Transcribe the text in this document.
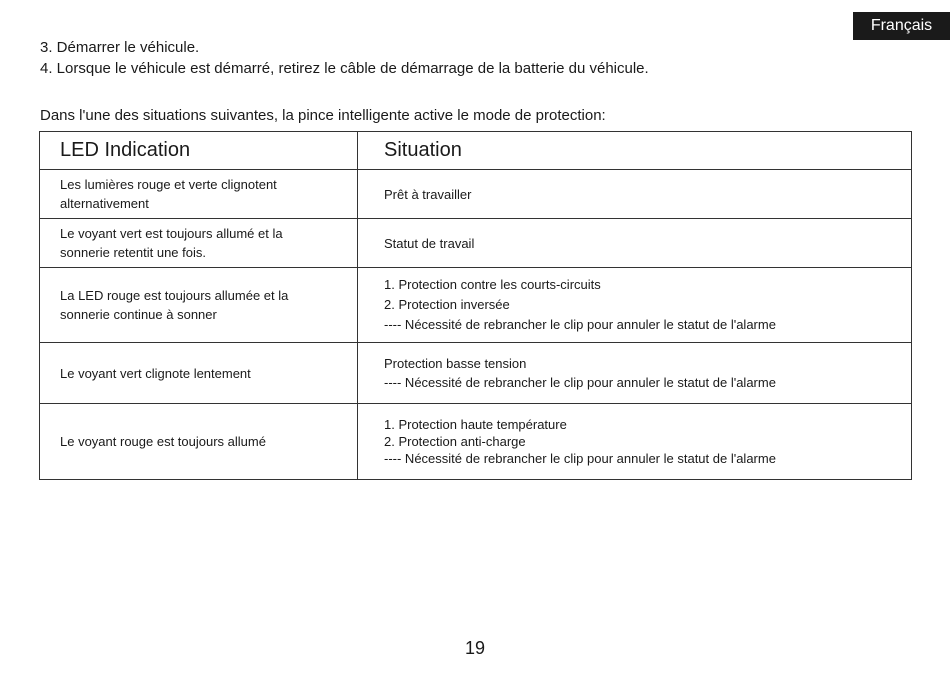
Français
3. Démarrer le véhicule.
4. Lorsque le véhicule est démarré, retirez le câble de démarrage de la batterie du véhicule.
Dans l'une des situations suivantes, la pince intelligente active le mode de protection:
LED Indication	Situation

Les lumières rouge et verte clignotent
alternativement	Prêt à travailler

Le voyant vert est toujours allumé et la
sonnerie retentit une fois.	Statut de travail

La LED rouge est toujours allumée et la
sonnerie continue à sonner	1. Protection contre les courts-circuits
2. Protection inversée
---- Nécessité de rebrancher le clip pour annuler le statut de l'alarme

Le voyant vert clignote lentement	Protection basse tension
---- Nécessité de rebrancher le clip pour annuler le statut de l'alarme

Le voyant rouge est toujours allumé	1. Protection haute température
2. Protection anti-charge
---- Nécessité de rebrancher le clip pour annuler le statut de l'alarme
19
